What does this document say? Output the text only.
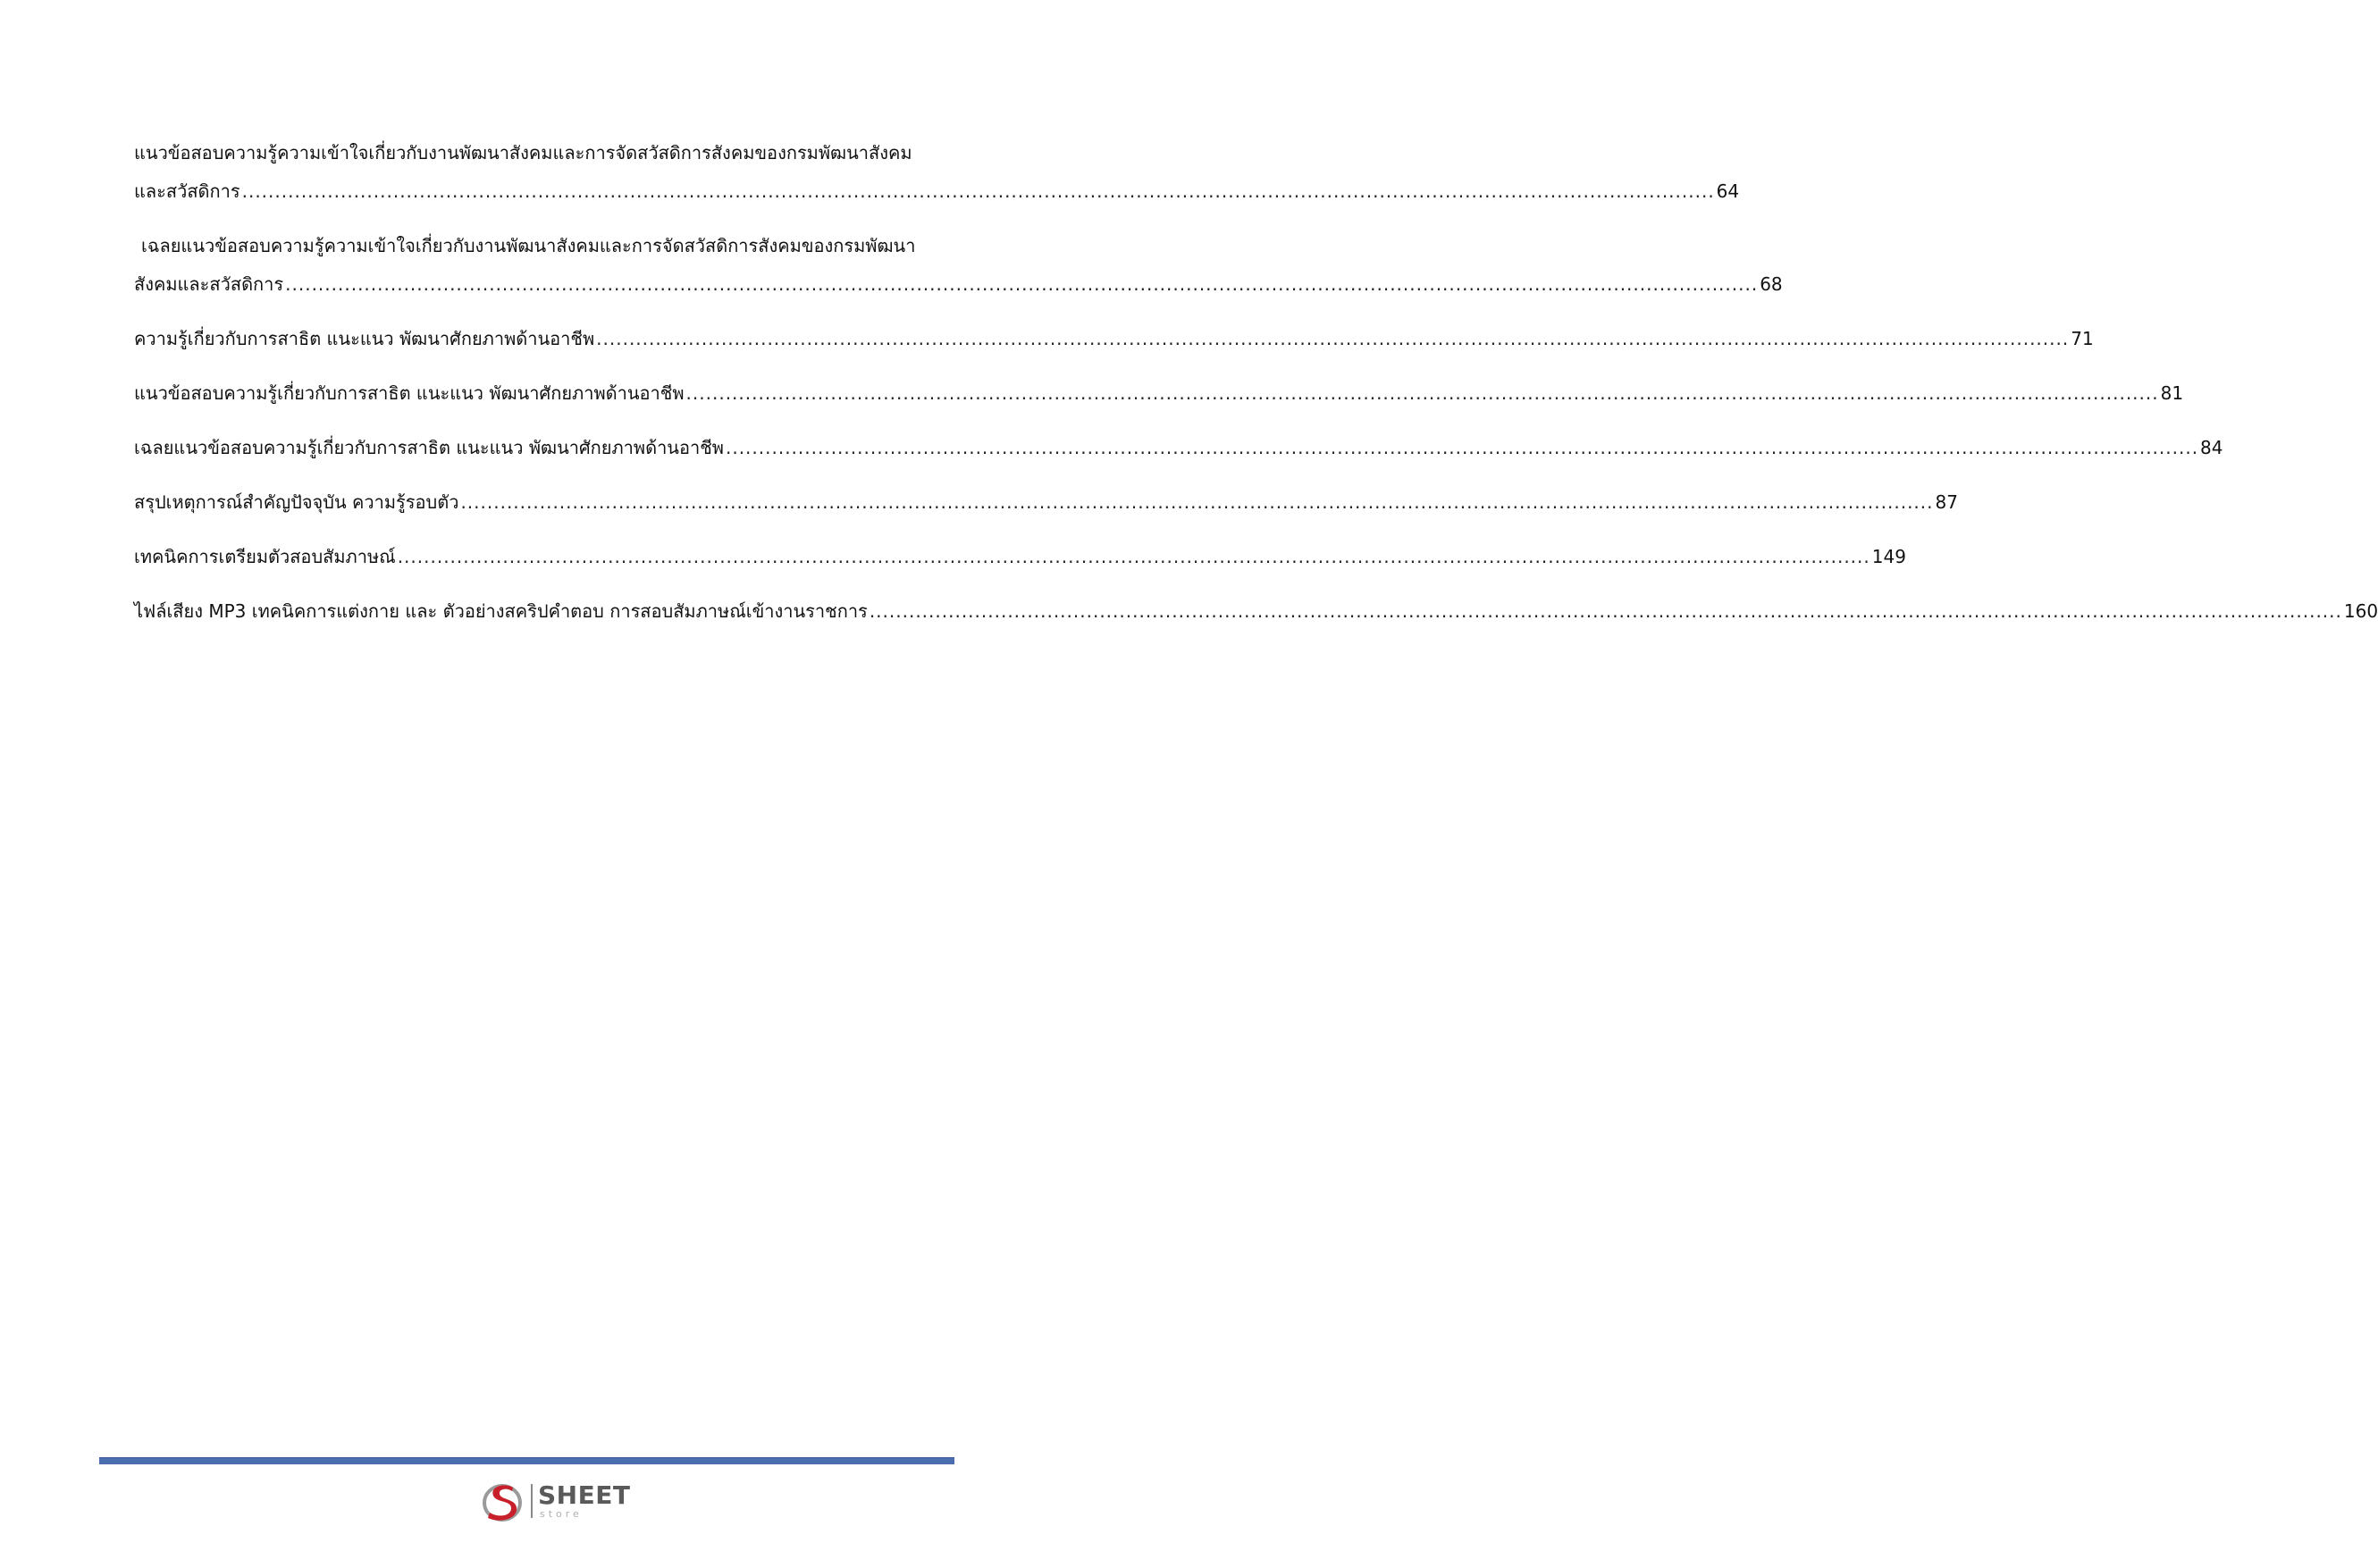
แนวข้อสอบความรู้ความเข้าใจเกี่ยวกับงานพัฒนาสังคมและการจัดสวัสดิการสังคมของกรมพัฒนาสังคม
และสวัสดิการ .....	64
เฉลยแนวข้อสอบความรู้ความเข้าใจเกี่ยวกับงานพัฒนาสังคมและการจัดสวัสดิการสังคมของกรมพัฒนา
สังคมและสวัสดิการ .....	68
ความรู้เกี่ยวกับการสาธิต แนะแนว พัฒนาศักยภาพด้านอาชีพ .....	71
แนวข้อสอบความรู้เกี่ยวกับการสาธิต แนะแนว พัฒนาศักยภาพด้านอาชีพ .....	81
เฉลยแนวข้อสอบความรู้เกี่ยวกับการสาธิต แนะแนว พัฒนาศักยภาพด้านอาชีพ .....	84
สรุปเหตุการณ์สำคัญปัจจุบัน ความรู้รอบตัว .....	87
เทคนิคการเตรียมตัวสอบสัมภาษณ์ .....	149
ไฟล์เสียง MP3 เทคนิคการแต่งกาย และ ตัวอย่างสคริปคำตอบ การสอบสัมภาษณ์เข้างานราชการ .....	160
SHEET
store
